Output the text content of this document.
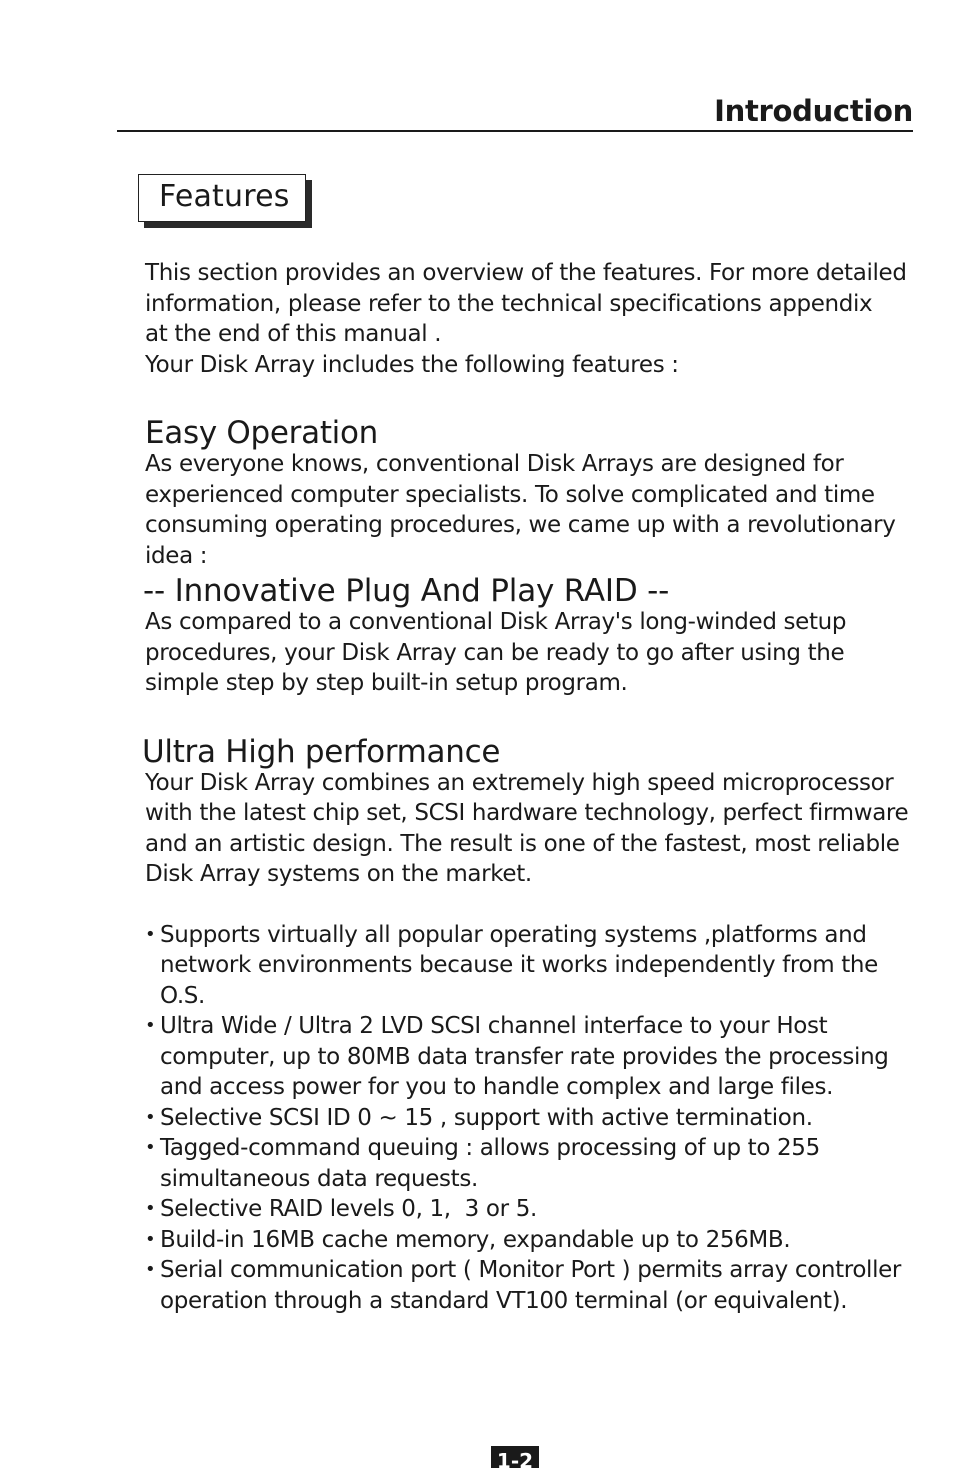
Introduction
Features

This section provides an overview of the features. For more detailed
information, please refer to the technical specifications appendix
at the end of this manual .
Your Disk Array includes the following features :

Easy Operation

As everyone knows, conventional Disk Arrays are designed for
experienced computer specialists. To solve complicated and time
consuming operating procedures, we came up with a revolutionary
idea :

-- Innovative Plug And Play RAID --

As compared to a conventional Disk Array's long-winded setup
procedures, your Disk Array can be ready to go after using the
simple step by step built-in setup program.

Ultra High performance

Your Disk Array combines an extremely high speed microprocessor
with the latest chip set, SCSI hardware technology, perfect firmware
and an artistic design. The result is one of the fastest, most reliable
Disk Array systems on the market.

• Supports virtually all popular operating systems ,platforms and
network environments because it works independently from the
O.S.
• Ultra Wide / Ultra 2 LVD SCSI channel interface to your Host
computer, up to 80MB data transfer rate provides the processing
and access power for you to handle complex and large files.
• Selective SCSI ID 0 ~ 15 , support with active termination.
• Tagged-command queuing : allows processing of up to 255
simultaneous data requests.
• Selective RAID levels 0, 1,  3 or 5.
• Build-in 16MB cache memory, expandable up to 256MB.
• Serial communication port ( Monitor Port ) permits array controller
operation through a standard VT100 terminal (or equivalent).
1-2
